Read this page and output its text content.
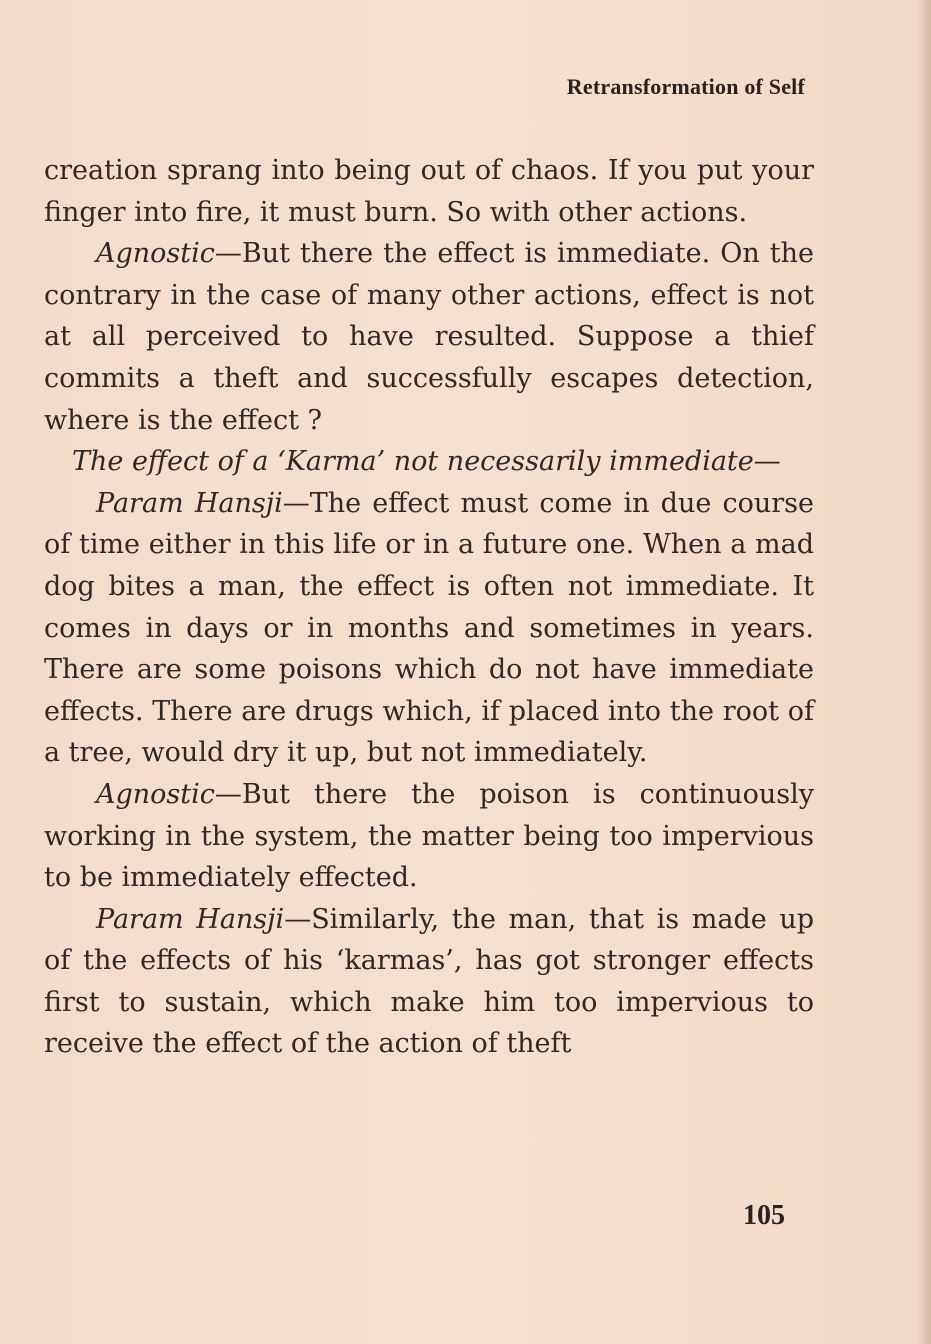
Retransformation of Self

creation sprang into being out of chaos. If you put your finger into fire, it must burn. So with other actions.

Agnostic—But there the effect is immediate. On the contrary in the case of many other actions, effect is not at all perceived to have resulted. Suppose a thief commits a theft and successfully escapes detection, where is the effect ?

The effect of a ‘Karma’ not necessarily immediate—

Param Hansji—The effect must come in due course of time either in this life or in a future one. When a mad dog bites a man, the effect is often not immediate. It comes in days or in months and sometimes in years. There are some poisons which do not have immediate effects. There are drugs which, if placed into the root of a tree, would dry it up, but not immediately.

Agnostic—But there the poison is continuously working in the system, the matter being too impervious to be immediately effected.

Param Hansji—Similarly, the man, that is made up of the effects of his ‘karmas’, has got stronger effects first to sustain, which make him too impervious to receive the effect of the action of theft

105
